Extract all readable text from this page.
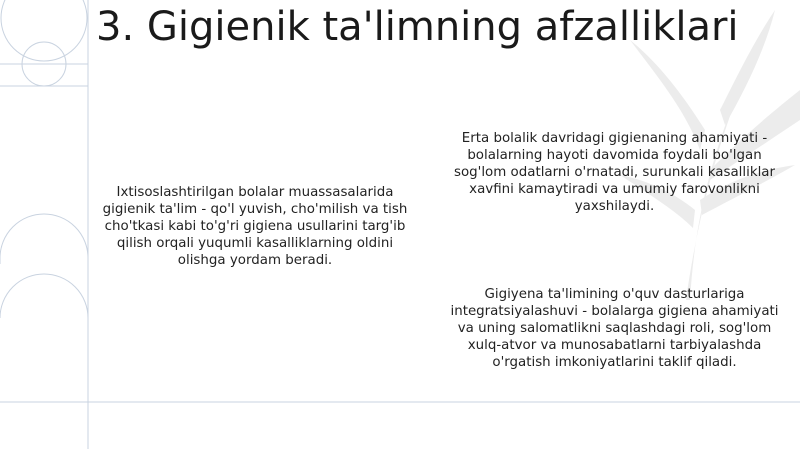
3. Gigienik ta'limning afzalliklari

Ixtisoslashtirilgan bolalar muassasalarida gigienik ta'lim - qo'l yuvish, cho'milish va tish cho'tkasi kabi to'g'ri gigiena usullarini targ'ib qilish orqali yuqumli kasalliklarning oldini olishga yordam beradi.

Erta bolalik davridagi gigienaning ahamiyati - bolalarning hayoti davomida foydali bo'lgan sog'lom odatlarni o'rnatadi, surunkali kasalliklar xavfini kamaytiradi va umumiy farovonlikni yaxshilaydi.

Gigiyena ta'limining o'quv dasturlariga integratsiyalashuvi - bolalarga gigiena ahamiyati va uning salomatlikni saqlashdagi roli, sog'lom xulq-atvor va munosabatlarni tarbiyalashda o'rgatish imkoniyatlarini taklif qiladi.
